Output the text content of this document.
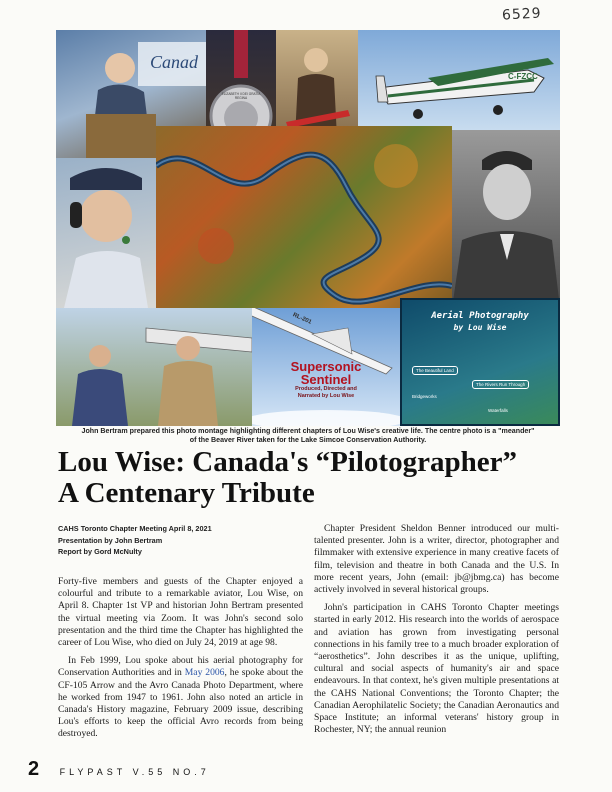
6529
Canad
ELIZABETH II DEI GRATIA REGINA
C-FZCC
RL-201
Supersonic
Sentinel
Produced, Directed and
Narrated by Lou Wise
Aerial Photography
by Lou Wise
The Beautiful Land
The Rivers Run Through
Bridgeworks
Waterfalls
John Bertram prepared this photo montage highlighting different chapters of Lou Wise's creative life. The centre photo is a "meander"
of the Beaver River taken for the Lake Simcoe Conservation Authority.
Lou Wise: Canada's “Pilotographer”
A Centenary Tribute
CAHS Toronto Chapter Meeting April 8, 2021
Presentation by John Bertram
Report by Gord McNulty

Forty-five members and guests of the Chapter enjoyed a colourful and tribute to a remarkable aviator, Lou Wise, on April 8. Chapter 1st VP and historian John Bertram presented the virtual meeting via Zoom. It was John's second solo presentation and the third time the Chapter has highlighted the career of Lou Wise, who died on July 24, 2019 at age 98.

In Feb 1999, Lou spoke about his aerial photography for Conservation Authorities and in May 2006, he spoke about the CF-105 Arrow and the Avro Canada Photo Department, where he worked from 1947 to 1961. John also noted an article in Canada's History magazine, February 2009 issue, describing Lou's efforts to keep the official Avro records from being destroyed.

Chapter President Sheldon Benner introduced our multi-talented presenter. John is a writer, director, photographer and filmmaker with extensive experience in many creative facets of film, television and theatre in both Canada and the U.S. In more recent years, John (email: jb@jbmg.ca) has become actively involved in several historical groups.

John's participation in CAHS Toronto Chapter meetings started in early 2012. His research into the worlds of aerospace and aviation has grown from investigating personal connections in his family tree to a much broader exploration of “aerosthetics”. John describes it as the unique, uplifting, cultural and social aspects of humanity's air and space endeavours. In that context, he's given multiple presentations at the CAHS National Conventions; the Toronto Chapter; the Canadian Aerophilatelic Society; the Canadian Aeronautics and Space Institute; an informal veterans' history group in Rochester, NY; the annual reunion

2 FLYPAST V.55 NO.7
